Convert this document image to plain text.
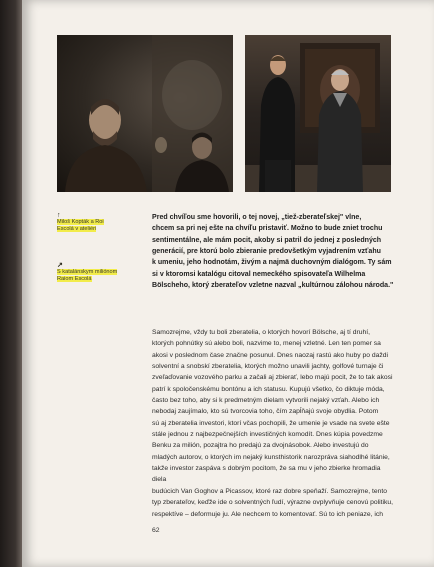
↑
Miloš Kopták a Roi
Escolá v ateliéri
↗
S katalánskym miliónom
Raiom Escolá

Pred chvíľou sme hovorili, o tej novej, „tiež-zberateľskej" vlne,
chcem sa pri nej ešte na chvíľu pristaviť. Možno to bude zniet trochu
sentimentálne, ale mám pocit, akoby si patril do jednej z posledných
generácií, pre ktorú bolo zbieranie predovšetkým vyjadrením vzťahu
k umeniu, jeho hodnotám, živým a najmä duchovným dialógom. Ty sám
si v ktoromsi katalógu citoval nemeckého spisovateľa Wilhelma
Bölscheho, ktorý zberateľov vzletne nazval „kultúrnou zálohou národa."

Samozrejme, vždy tu boli zberatelia, o ktorých hovorí Bölsche, aj tí druhí,
ktorých pohnútky sú alebo boli, nazvime to, menej vzletné. Len ten pomer sa
akosi v poslednom čase značne posunul. Dnes naozaj rastú ako huby po daždi
solventní a snobskí zberatelia, ktorých možno unavili jachty, golfové turnaje či
zveľaďovanie vozového parku a začali aj zbierať, lebo majú pocit, že to tak akosi
patrí k spoločenskému bontónu a ich statusu. Kupujú všetko, čo diktuje móda,
často bez toho, aby si k predmetným dielam vytvorili nejaký vzťah. Alebo ich
nebodaj zaujímalo, kto sú tvorcovia toho, čím zapĺňajú svoje obydlia. Potom
sú aj zberatelia investori, ktorí včas pochopili, že umenie je vsade na svete ešte
stále jednou z najbezpečnejších investičných komodít. Dnes kúpia povedzme
Benku za milión, pozajtra ho predajú za dvojnásobok. Alebo investujú do
mladých autorov, o ktorých im nejaký kunsthistorik narozpráva siahodlhé litánie,
takže investor zaspáva s dobrým pocitom, že sa mu v jeho zbierke hromadia diela
budúcich Van Goghov a Picassov, ktoré raz dobre speňaží. Samozrejme, tento
typ zberateľov, keďže ide o solventných ľudí, výrazne ovplyvňuje cenovú politiku,
respektíve – deformuje ju. Ale nechcem to komentovať. Sú to ich peniaze, ich

62
